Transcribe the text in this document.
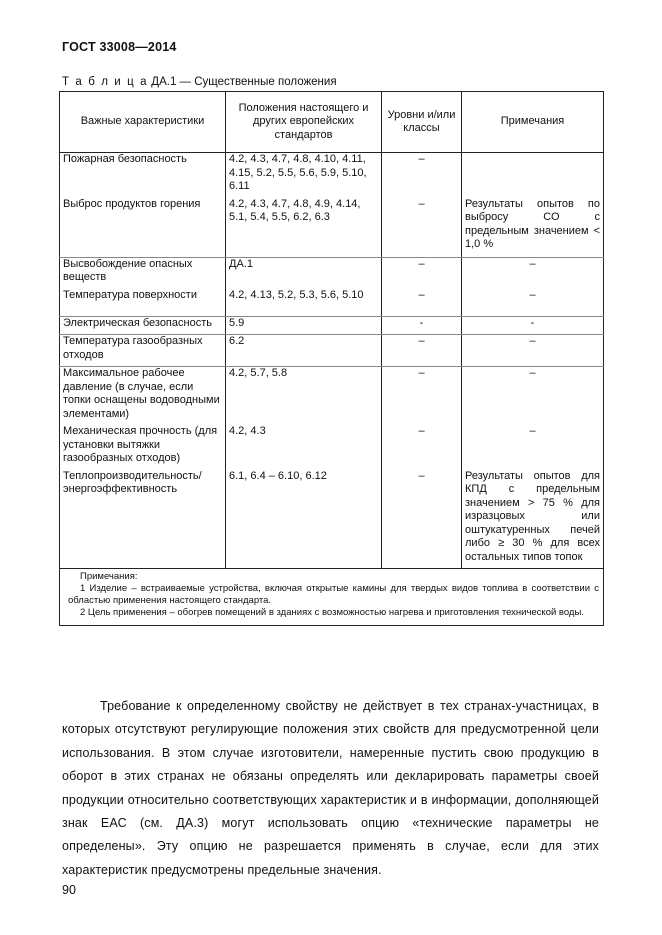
ГОСТ 33008—2014
Т а б л и ц а ДА.1 — Существенные положения
Важные характеристики	Положения настоящего и других европейских стандартов	Уровни и/или классы	Примечания
Пожарная безопасность	4.2, 4.3, 4.7, 4.8, 4.10, 4.11, 4.15, 5.2, 5.5, 5.6, 5.9, 5.10, 6.11	–	
Выброс продуктов горения	4.2, 4.3, 4.7, 4.8, 4.9, 4.14, 5.1, 5.4, 5.5, 6.2, 6.3	–	Результаты опытов по выбросу СО с предельным значением < 1,0 %
Высвобождение опасных веществ	ДА.1	–	–
Температура поверхности	4.2, 4.13, 5.2, 5.3, 5.6, 5.10	–	–
Электрическая безопасность	5.9	-	-
Температура газообразных отходов	6.2	–	–
Максимальное рабочее давление (в случае, если топки оснащены водоводными элементами)	4.2, 5.7, 5.8	–	–
Механическая прочность (для установки вытяжки газообразных отходов)	4.2, 4.3	–	–
Теплопроизводительность/ энергоэффективность	6.1, 6.4 – 6.10, 6.12	–	Результаты опытов для КПД с предельным значением > 75 % для изразцовых или оштукатуренных печей либо ≥ 30 % для всех остальных типов топок

Примечания:
1 Изделие – встраиваемые устройства, включая открытые камины для твердых видов топлива в соответствии с областью применения настоящего стандарта.
2 Цель применения – обогрев помещений в зданиях с возможностью нагрева и приготовления технической воды.			
Требование к определенному свойству не действует в тех странах-участницах, в которых отсутствуют регулирующие положения этих свойств для предусмотренной цели использования. В этом случае изготовители, намеренные пустить свою продукцию в оборот в этих странах не обязаны определять или декларировать параметры своей продукции относительно соответствующих характеристик и в информации, дополняющей знак ЕАС (см. ДА.3) могут использовать опцию «технические параметры не определены». Эту опцию не разрешается применять в случае, если для этих характеристик предусмотрены предельные значения.
90
